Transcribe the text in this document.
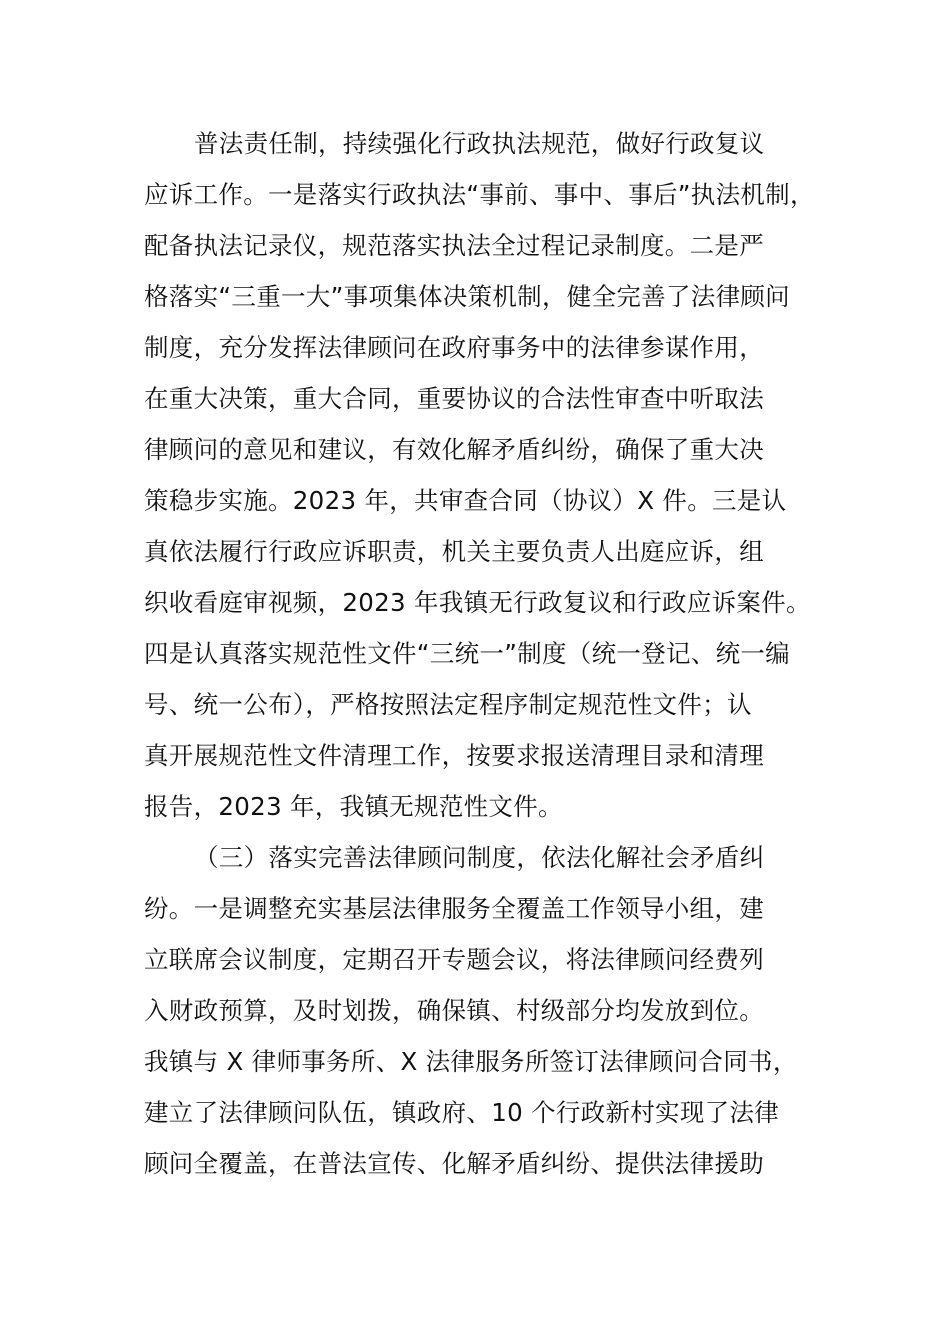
普法责任制，持续强化行政执法规范，做好行政复议
应诉工作。一是落实行政执法“事前、事中、事后”执法机制，
配备执法记录仪，规范落实执法全过程记录制度。二是严
格落实“三重一大”事项集体决策机制，健全完善了法律顾问
制度，充分发挥法律顾问在政府事务中的法律参谋作用，
在重大决策，重大合同，重要协议的合法性审查中听取法
律顾问的意见和建议，有效化解矛盾纠纷，确保了重大决
策稳步实施。2023 年，共审查合同（协议）X 件。三是认
真依法履行行政应诉职责，机关主要负责人出庭应诉，组
织收看庭审视频，2023 年我镇无行政复议和行政应诉案件。
四是认真落实规范性文件“三统一”制度（统一登记、统一编
号、统一公布），严格按照法定程序制定规范性文件；认
真开展规范性文件清理工作，按要求报送清理目录和清理
报告，2023 年，我镇无规范性文件。
（三）落实完善法律顾问制度，依法化解社会矛盾纠
纷。一是调整充实基层法律服务全覆盖工作领导小组，建
立联席会议制度，定期召开专题会议，将法律顾问经费列
入财政预算，及时划拨，确保镇、村级部分均发放到位。
我镇与 X 律师事务所、X 法律服务所签订法律顾问合同书，
建立了法律顾问队伍，镇政府、10 个行政新村实现了法律
顾问全覆盖，在普法宣传、化解矛盾纠纷、提供法律援助
